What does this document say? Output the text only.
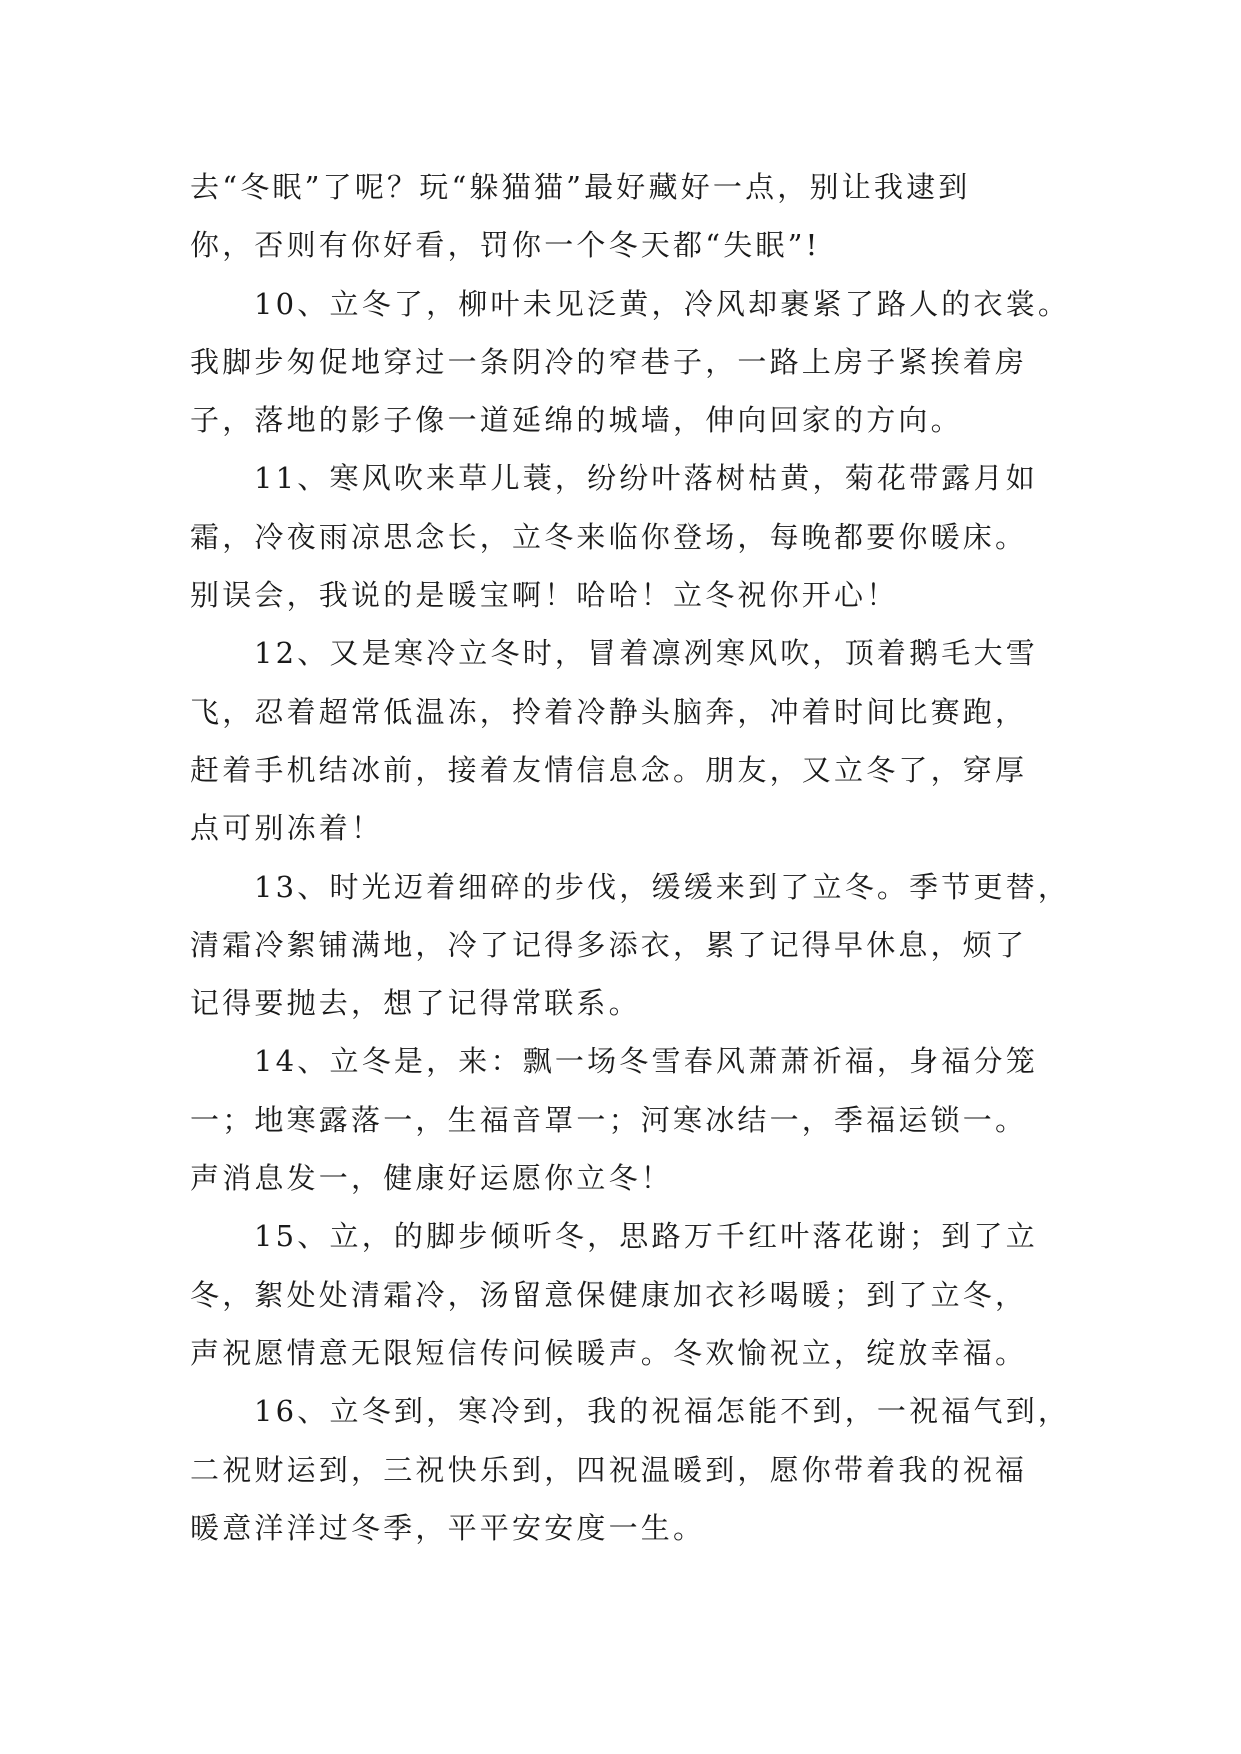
去“冬眠”了呢？玩“躲猫猫”最好藏好一点，别让我逮到
你，否则有你好看，罚你一个冬天都“失眠”!
10、立冬了，柳叶未见泛黄，冷风却裹紧了路人的衣裳。
我脚步匆促地穿过一条阴冷的窄巷子，一路上房子紧挨着房
子，落地的影子像一道延绵的城墙，伸向回家的方向。
11、寒风吹来草儿蓑，纷纷叶落树枯黄，菊花带露月如
霜，冷夜雨凉思念长，立冬来临你登场，每晚都要你暖床。
别误会，我说的是暖宝啊！哈哈！立冬祝你开心！
12、又是寒冷立冬时，冒着凛冽寒风吹，顶着鹅毛大雪
飞，忍着超常低温冻，拎着冷静头脑奔，冲着时间比赛跑，
赶着手机结冰前，接着友情信息念。朋友，又立冬了，穿厚
点可别冻着！
13、时光迈着细碎的步伐，缓缓来到了立冬。季节更替，
清霜冷絮铺满地，冷了记得多添衣，累了记得早休息，烦了
记得要抛去，想了记得常联系。
14、立冬是，来：飘一场冬雪春风萧萧祈福，身福分笼
一；地寒露落一，生福音罩一；河寒冰结一，季福运锁一。
声消息发一，健康好运愿你立冬！
15、立，的脚步倾听冬，思路万千红叶落花谢；到了立
冬，絮处处清霜冷，汤留意保健康加衣衫喝暖；到了立冬，
声祝愿情意无限短信传问候暖声。冬欢愉祝立，绽放幸福。
16、立冬到，寒冷到，我的祝福怎能不到，一祝福气到，
二祝财运到，三祝快乐到，四祝温暖到，愿你带着我的祝福
暖意洋洋过冬季，平平安安度一生。
